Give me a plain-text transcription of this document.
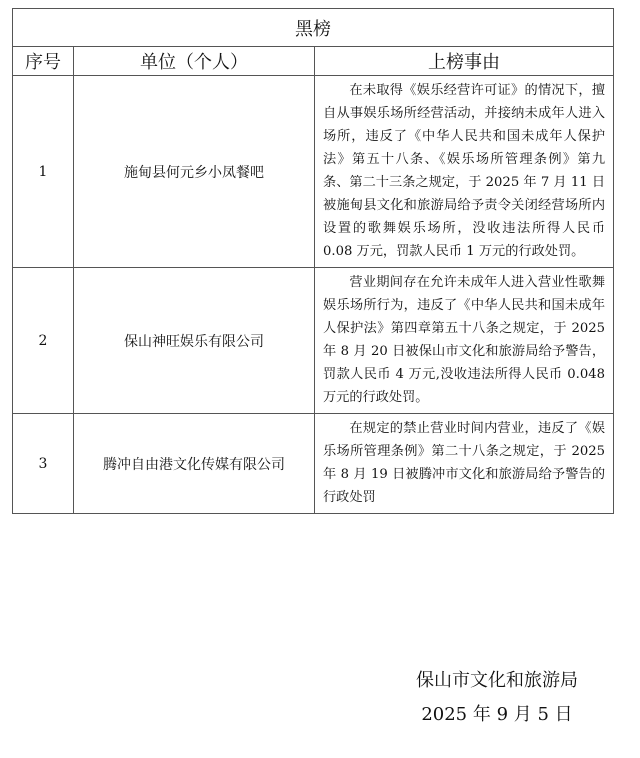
黑榜		
序号	单位（个人）	上榜事由
1	施甸县何元乡小凤餐吧	在未取得《娱乐经营许可证》的情况下，擅自从事娱乐场所经营活动，并接纳未成年人进入场所，违反了《中华人民共和国未成年人保护法》第五十八条、《娱乐场所管理条例》第九条、第二十三条之规定，于 2025 年 7 月 11 日被施甸县文化和旅游局给予责令关闭经营场所内设置的歌舞娱乐场所，没收违法所得人民币 0.08 万元，罚款人民币 1 万元的行政处罚。

2	保山神旺娱乐有限公司	营业期间存在允许未成年人进入营业性歌舞娱乐场所行为，违反了《中华人民共和国未成年人保护法》第四章第五十八条之规定，于 2025 年 8 月 20 日被保山市文化和旅游局给予警告，罚款人民币 4 万元,没收违法所得人民币 0.048 万元的行政处罚。

3	腾冲自由港文化传媒有限公司	在规定的禁止营业时间内营业，违反了《娱乐场所管理条例》第二十八条之规定，于 2025 年 8 月 19 日被腾冲市文化和旅游局给予警告的行政处罚

保山市文化和旅游局
2025 年 9 月 5 日
